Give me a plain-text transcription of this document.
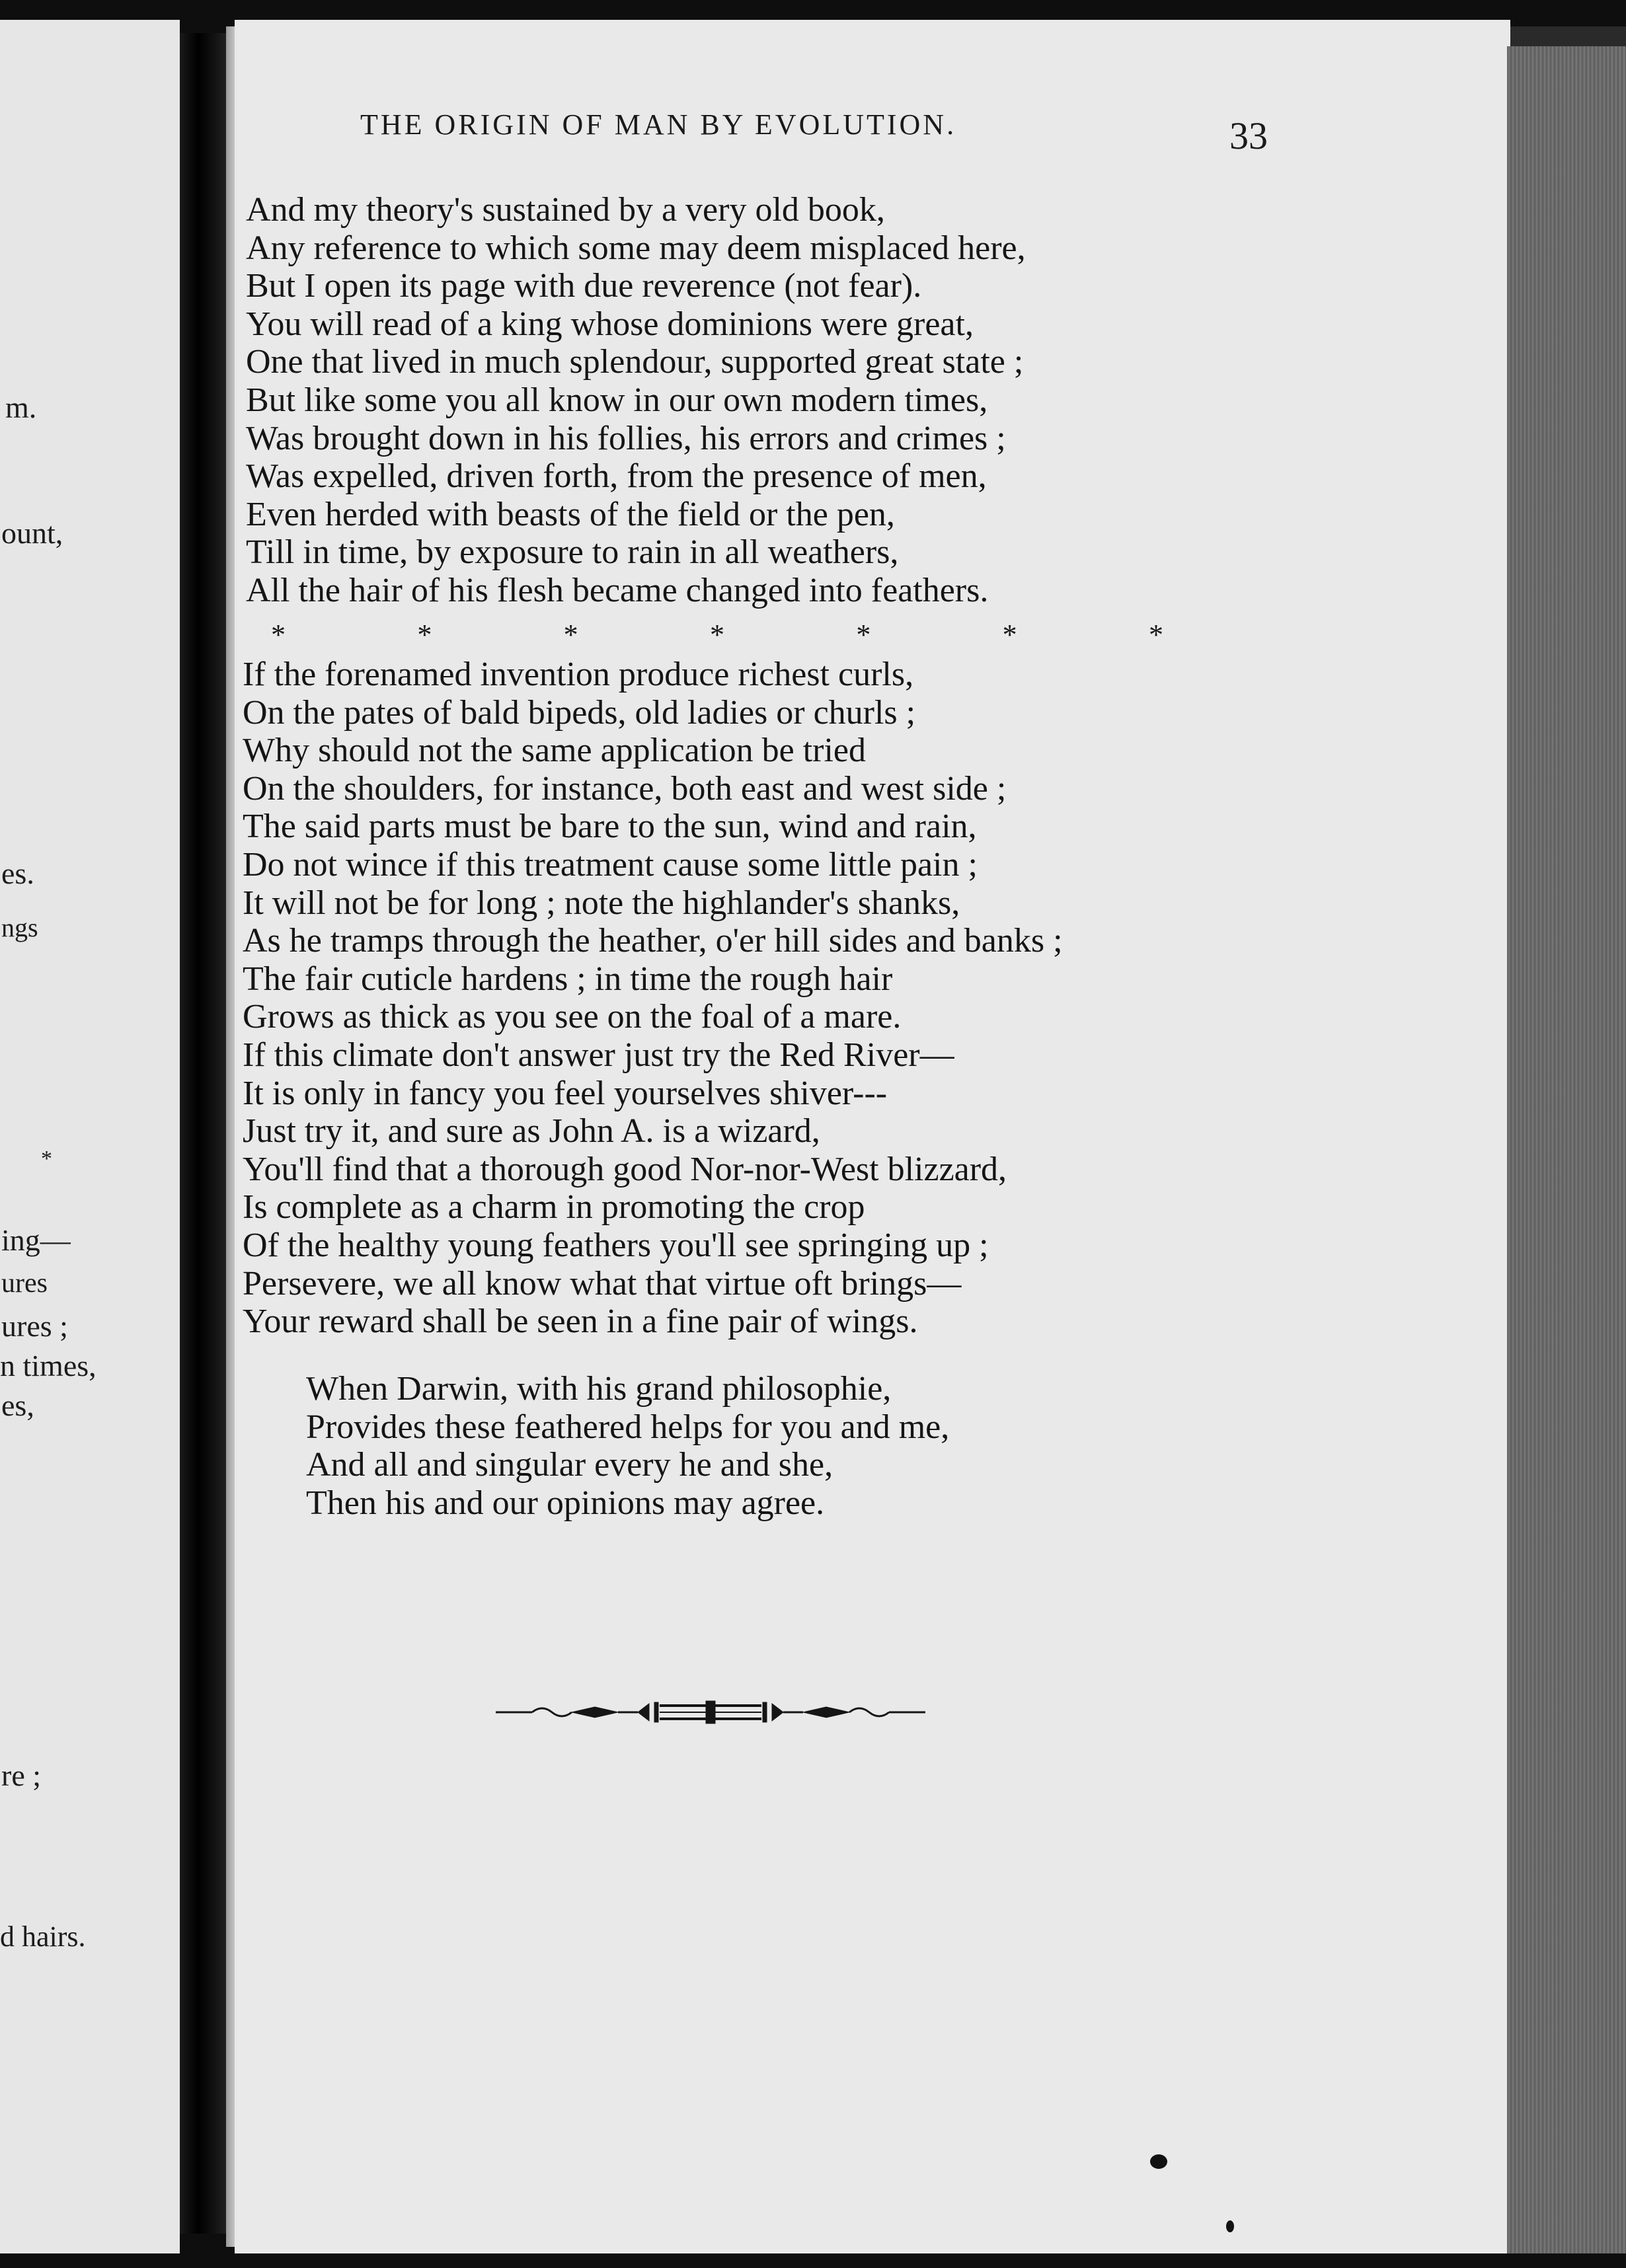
m.
ount,
es.
ngs
*
ing—
ures
ures ;
n times,
es,
re ;
d hairs.
THE ORIGIN OF MAN BY EVOLUTION.	33
And my theory's sustained by a very old book,
Any reference to which some may deem misplaced here,
But I open its page with due reverence (not fear).
You will read of a king whose dominions were great,
One that lived in much splendour, supported great state ;
But like some you all know in our own modern times,
Was brought down in his follies, his errors and crimes ;
Was expelled, driven forth, from the presence of men,
Even herded with beasts of the field or the pen,
Till in time, by exposure to rain in all weathers,
All the hair of his flesh became changed into feathers.
*	*	*	*	*	*	*
If the forenamed invention produce richest curls,
On the pates of bald bipeds, old ladies or churls ;
Why should not the same application be tried
On the shoulders, for instance, both east and west side ;
The said parts must be bare to the sun, wind and rain,
Do not wince if this treatment cause some little pain ;
It will not be for long ; note the highlander's shanks,
As he tramps through the heather, o'er hill sides and banks ;
The fair cuticle hardens ; in time the rough hair
Grows as thick as you see on the foal of a mare.
If this climate don't answer just try the Red River—
It is only in fancy you feel yourselves shiver---
Just try it, and sure as John A. is a wizard,
You'll find that a thorough good Nor-nor-West blizzard,
Is complete as a charm in promoting the crop
Of the healthy young feathers you'll see springing up ;
Persevere, we all know what that virtue oft brings—
Your reward shall be seen in a fine pair of wings.
When Darwin, with his grand philosophie,
Provides these feathered helps for you and me,
And all and singular every he and she,
Then his and our opinions may agree.
